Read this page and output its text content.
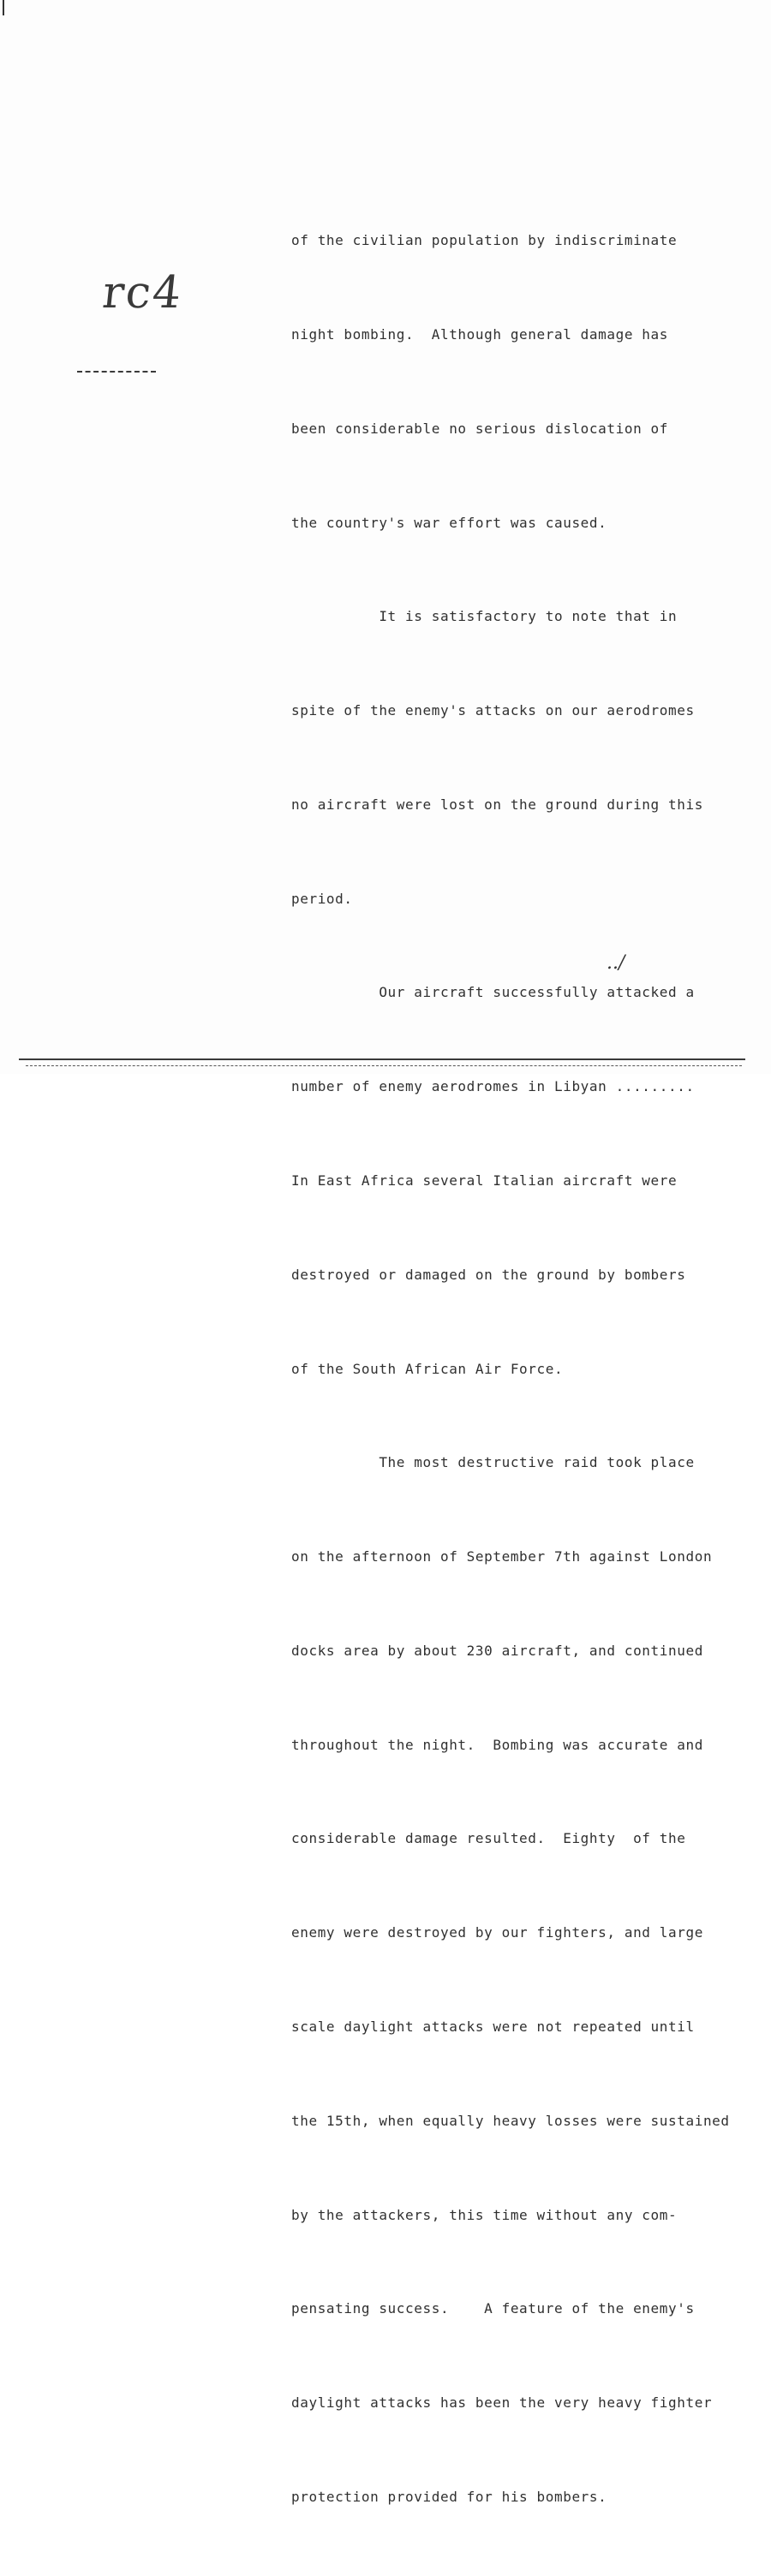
rc4

of the civilian population by indiscriminate

night bombing.  Although general damage has

been considerable no serious dislocation of

the country's war effort was caused.

It is satisfactory to note that in

spite of the enemy's attacks on our aerodromes

no aircraft were lost on the ground during this

period.

Our aircraft successfully attacked a

number of enemy aerodromes in Libyan .........

In East Africa several Italian aircraft were

destroyed or damaged on the ground by bombers

of the South African Air Force.

The most destructive raid took place

on the afternoon of September 7th against London

docks area by about 230 aircraft, and continued

throughout the night.  Bombing was accurate and

considerable damage resulted.  Eighty  of the

enemy were destroyed by our fighters, and large

scale daylight attacks were not repeated until

the 15th, when equally heavy losses were sustained

by the attackers, this time without any com-

pensating success.    A feature of the enemy's

daylight attacks has been the very heavy fighter

protection provided for his bombers.

../
